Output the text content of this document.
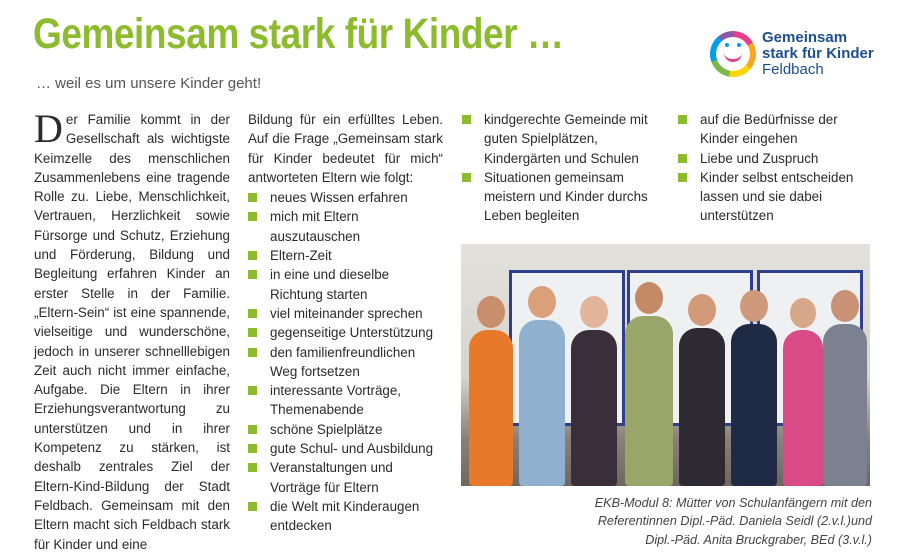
Gemeinsam stark für Kinder …
… weil es um unsere Kinder geht!
Gemeinsam
stark für Kinder
Feldbach
Der Familie kommt in der Gesellschaft als wichtigste Keimzelle des menschlichen Zusammenlebens eine tragende Rolle zu. Liebe, Menschlichkeit, Vertrauen, Herzlichkeit sowie Fürsorge und Schutz, Erziehung und Förderung, Bildung und Begleitung erfahren Kinder an erster Stelle in der Familie. „Eltern-Sein“ ist eine spannende, vielseitige und wunderschöne, jedoch in unserer schnelllebigen Zeit auch nicht immer einfache, Aufgabe. Die Eltern in ihrer Erziehungsverantwortung zu unterstützen und in ihrer Kompetenz zu stärken, ist deshalb zentrales Ziel der Eltern-Kind-Bildung der Stadt Feldbach. Gemeinsam mit den Eltern macht sich Feldbach stark für Kinder und eine
Bildung für ein erfülltes Leben. Auf die Frage „Gemeinsam stark für Kinder bedeutet für mich“ antworteten Eltern wie folgt:
neues Wissen erfahren
mich mit Eltern auszutauschen
Eltern-Zeit
in eine und dieselbe Richtung starten
viel miteinander sprechen
gegenseitige Unterstützung
den familienfreundlichen Weg fortsetzen
interessante Vorträge, Themenabende
schöne Spielplätze
gute Schul- und Ausbildung
Veranstaltungen und Vorträge für Eltern
die Welt mit Kinderaugen entdecken
kindgerechte Gemeinde mit guten Spielplätzen, Kindergärten und Schulen
Situationen gemeinsam meistern und Kinder durchs Leben begleiten
auf die Bedürfnisse der Kinder eingehen
Liebe und Zuspruch
Kinder selbst entscheiden lassen und sie dabei unterstützen
EKB-Modul 8: Mütter von Schulanfängern mit den
Referentinnen Dipl.-Päd. Daniela Seidl (2.v.l.)und
Dipl.-Päd. Anita Bruckgraber, BEd (3.v.l.)
